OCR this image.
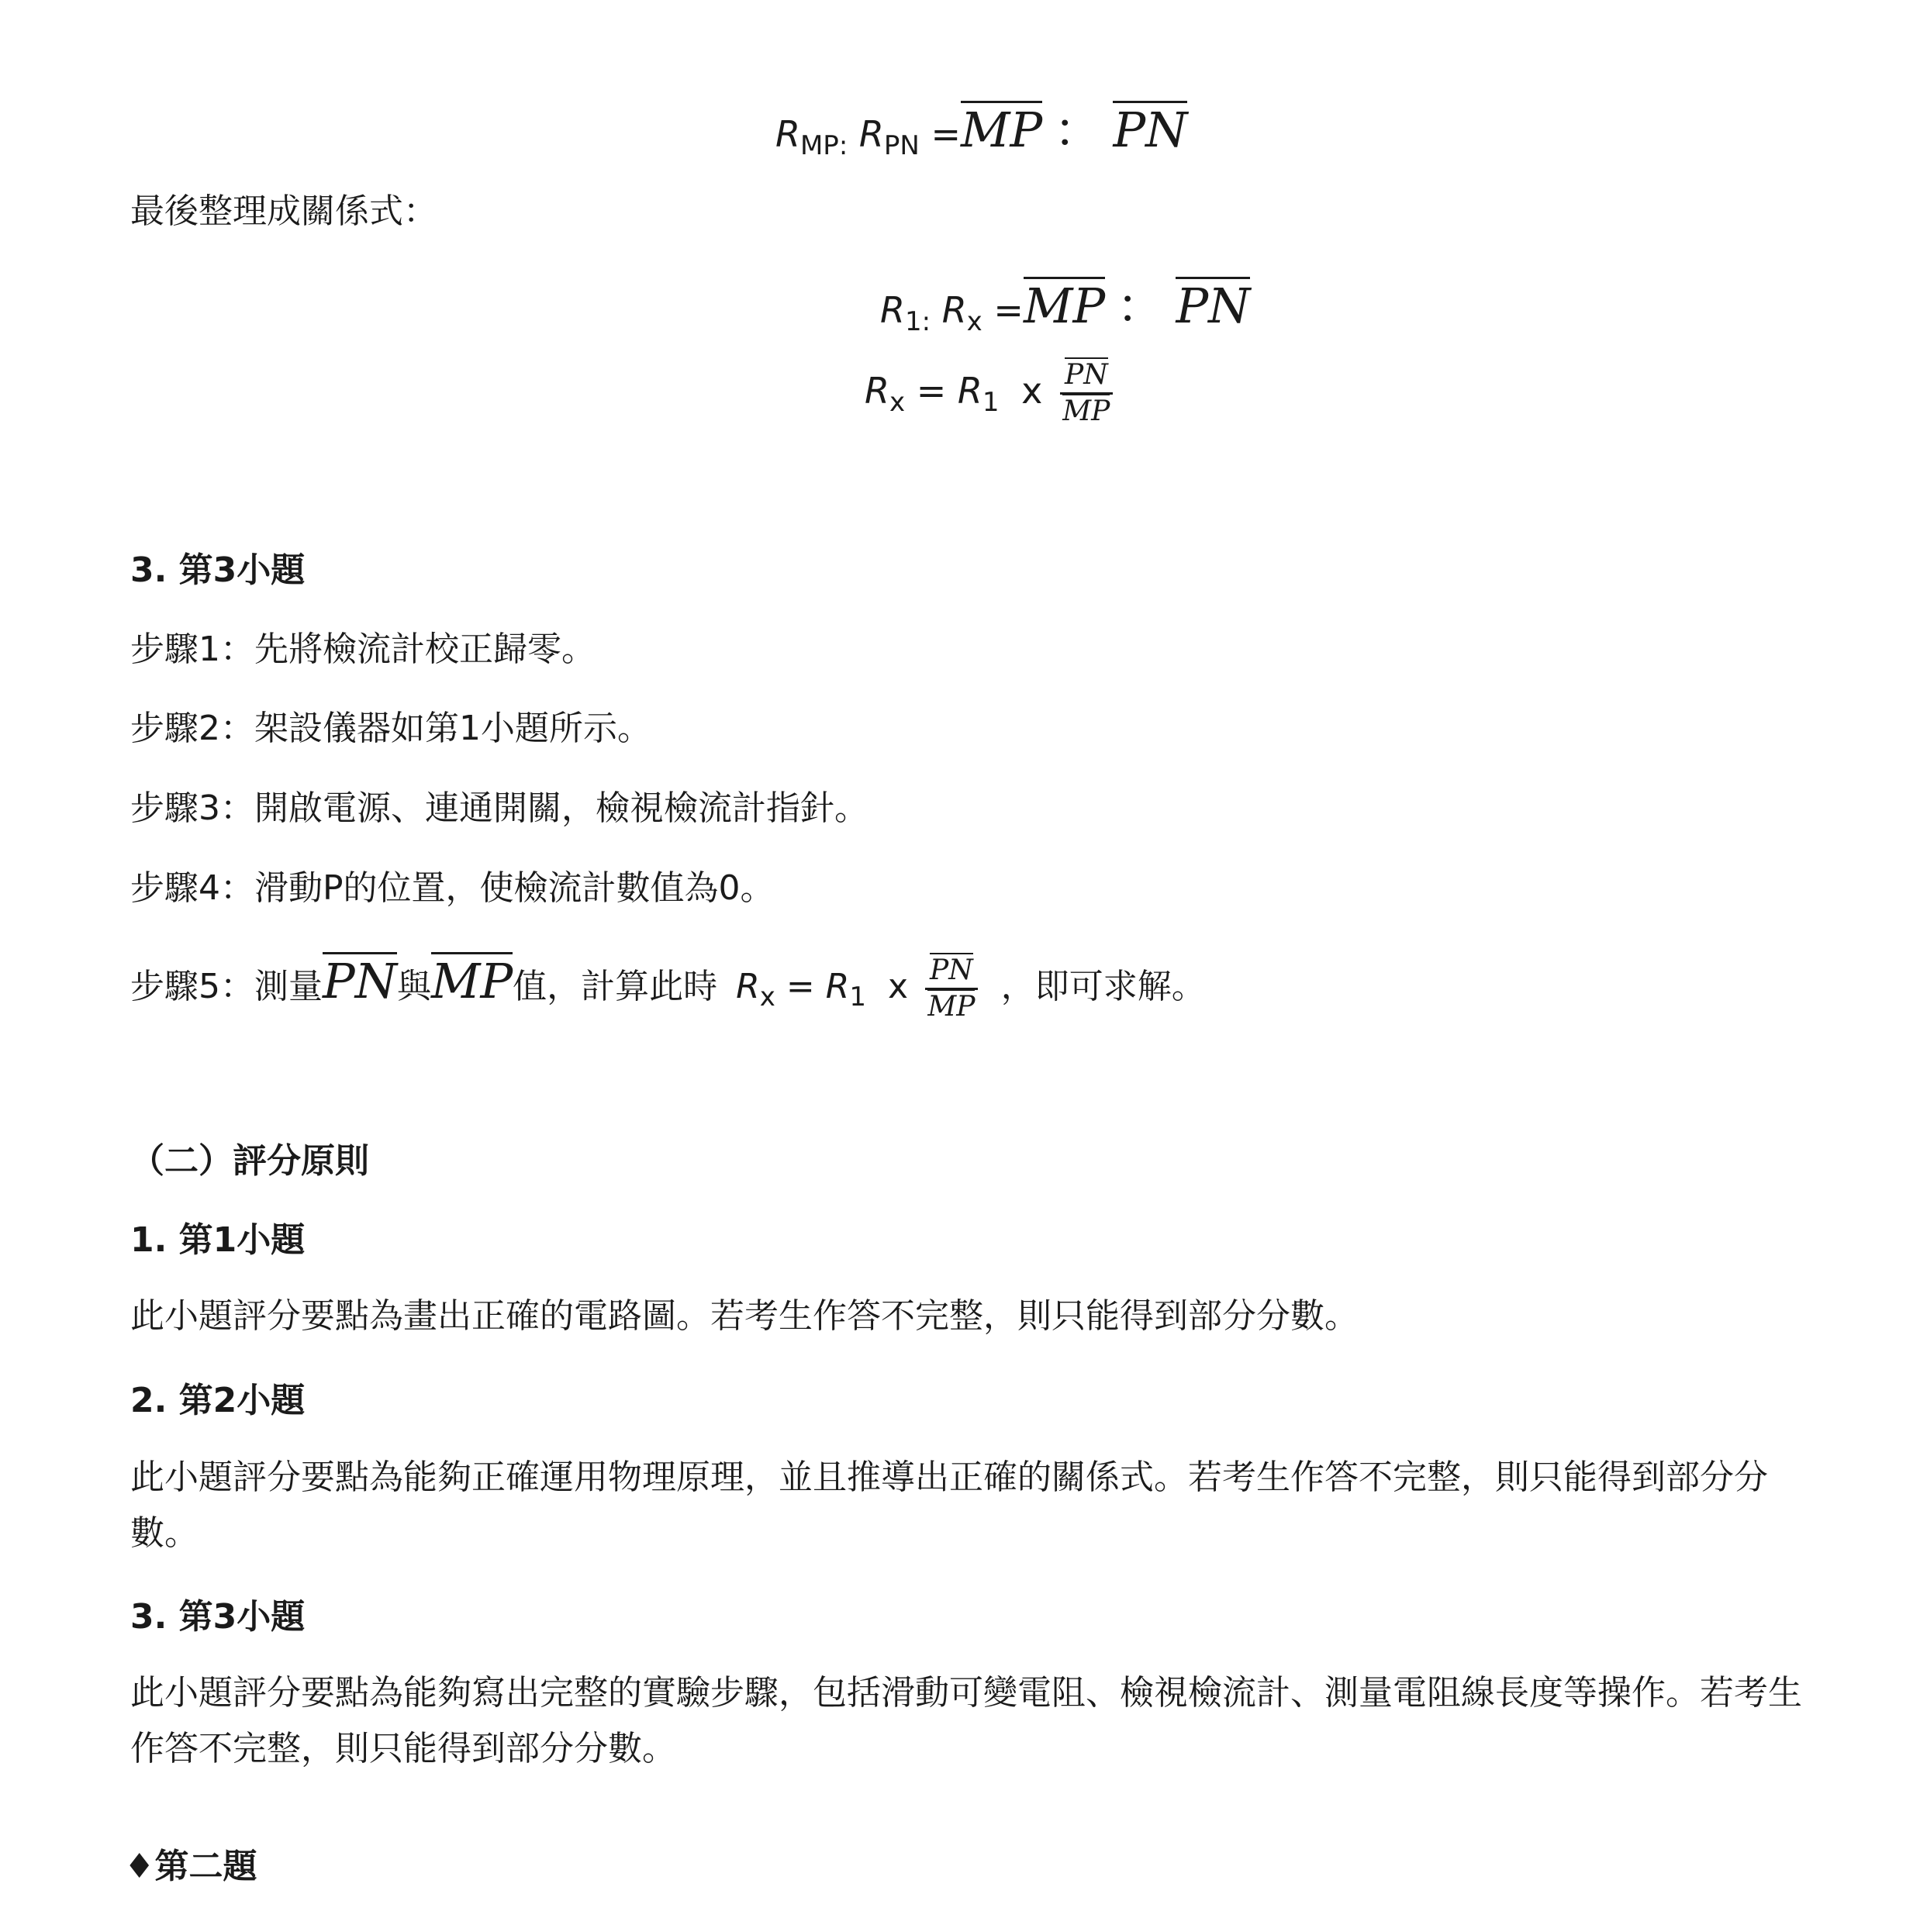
$R_{MP:}$ $R_{PN} =MP$ ： PN
最後整理成關係式：
$R_{1:}$ $R_x =MP$ ： PN
$R_x = R_1$ x $\frac{PN}{MP}$
3. 第3小題
步驟1：先將檢流計校正歸零。
步驟2：架設儀器如第1小題所示。
步驟3：開啟電源、連通開關，檢視檢流計指針。
步驟4：滑動P的位置，使檢流計數值為0。
步驟5：測量PN與MP值，計算此時 $R_x = R_1$ x $\frac{PN}{MP}$ ，即可求解。
（二）評分原則
1. 第1小題
此小題評分要點為畫出正確的電路圖。若考生作答不完整，則只能得到部分分數。
2. 第2小題
此小題評分要點為能夠正確運用物理原理，並且推導出正確的關係式。若考生作答不完整，則只能得到部分分數。
3. 第3小題
此小題評分要點為能夠寫出完整的實驗步驟，包括滑動可變電阻、檢視檢流計、測量電阻線長度等操作。若考生作答不完整，則只能得到部分分數。
♦第二題
